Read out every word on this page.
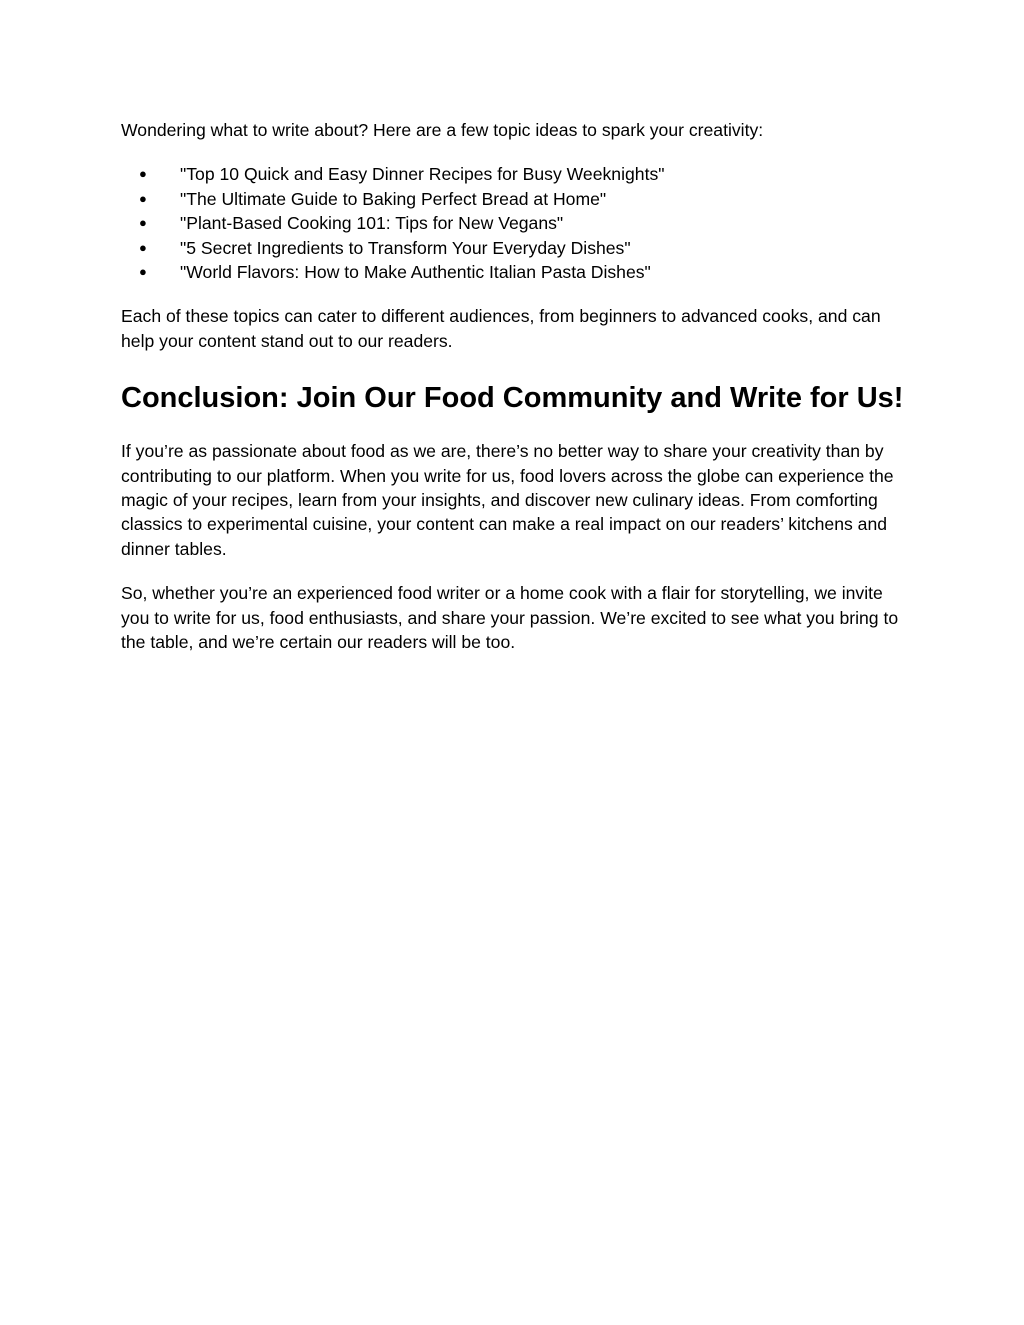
Wondering what to write about? Here are a few topic ideas to spark your creativity:

● "Top 10 Quick and Easy Dinner Recipes for Busy Weeknights"
● "The Ultimate Guide to Baking Perfect Bread at Home"
● "Plant-Based Cooking 101: Tips for New Vegans"
● "5 Secret Ingredients to Transform Your Everyday Dishes"
● "World Flavors: How to Make Authentic Italian Pasta Dishes"

Each of these topics can cater to different audiences, from beginners to advanced cooks, and can help your content stand out to our readers.

Conclusion: Join Our Food Community and Write for Us!

If you’re as passionate about food as we are, there’s no better way to share your creativity than by contributing to our platform. When you write for us, food lovers across the globe can experience the magic of your recipes, learn from your insights, and discover new culinary ideas. From comforting classics to experimental cuisine, your content can make a real impact on our readers’ kitchens and dinner tables.

So, whether you’re an experienced food writer or a home cook with a flair for storytelling, we invite you to write for us, food enthusiasts, and share your passion. We’re excited to see what you bring to the table, and we’re certain our readers will be too.
